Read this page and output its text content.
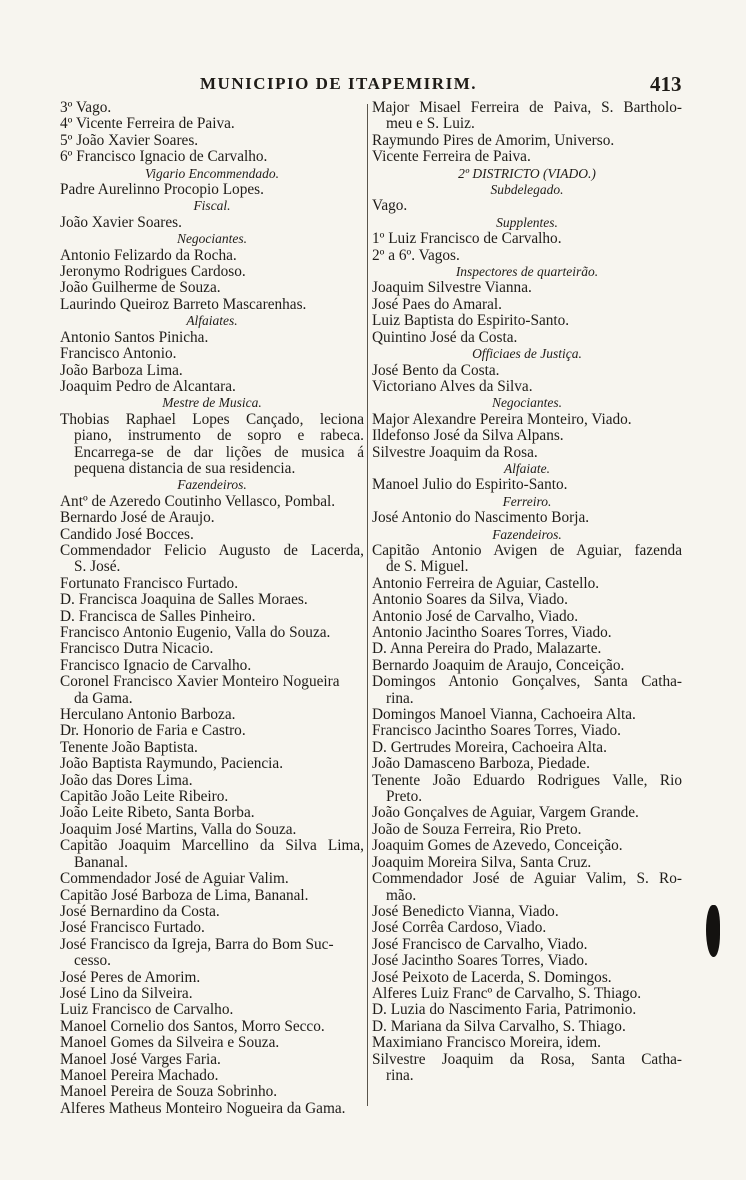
MUNICIPIO DE ITAPEMIRIM.	413
3º Vago.
4º Vicente Ferreira de Paiva.
5º João Xavier Soares.
6º Francisco Ignacio de Carvalho.
Vigario Encommendado.
Padre Aurelinno Procopio Lopes.
Fiscal.
João Xavier Soares.
Negociantes.
Antonio Felizardo da Rocha.
Jeronymo Rodrigues Cardoso.
João Guilherme de Souza.
Laurindo Queiroz Barreto Mascarenhas.
Alfaiates.
Antonio Santos Pinicha.
Francisco Antonio.
João Barboza Lima.
Joaquim Pedro de Alcantara.
Mestre de Musica.
Thobias Raphael Lopes Cançado, leciona
piano, instrumento de sopro e rabeca.
Encarrega-se de dar lições de musica á
pequena distancia de sua residencia.
Fazendeiros.
Antº de Azeredo Coutinho Vellasco, Pombal.
Bernardo José de Araujo.
Candido José Bocces.
Commendador Felicio Augusto de Lacerda,
S. José.
Fortunato Francisco Furtado.
D. Francisca Joaquina de Salles Moraes.
D. Francisca de Salles Pinheiro.
Francisco Antonio Eugenio, Valla do Souza.
Francisco Dutra Nicacio.
Francisco Ignacio de Carvalho.
Coronel Francisco Xavier Monteiro Nogueira
da Gama.
Herculano Antonio Barboza.
Dr. Honorio de Faria e Castro.
Tenente João Baptista.
João Baptista Raymundo, Paciencia.
João das Dores Lima.
Capitão João Leite Ribeiro.
João Leite Ribeto, Santa Borba.
Joaquim José Martins, Valla do Souza.
Capitão Joaquim Marcellino da Silva Lima,
Bananal.
Commendador José de Aguiar Valim.
Capitão José Barboza de Lima, Bananal.
José Bernardino da Costa.
José Francisco Furtado.
José Francisco da Igreja, Barra do Bom Suc-
cesso.
José Peres de Amorim.
José Lino da Silveira.
Luiz Francisco de Carvalho.
Manoel Cornelio dos Santos, Morro Secco.
Manoel Gomes da Silveira e Souza.
Manoel José Varges Faria.
Manoel Pereira Machado.
Manoel Pereira de Souza Sobrinho.
Alferes Matheus Monteiro Nogueira da Gama.
Major Misael Ferreira de Paiva, S. Bartholo-
meu e S. Luiz.
Raymundo Pires de Amorim, Universo.
Vicente Ferreira de Paiva.
2º DISTRICTO (VIADO.)
Subdelegado.
Vago.
Supplentes.
1º Luiz Francisco de Carvalho.
2º a 6º. Vagos.
Inspectores de quarteirão.
Joaquim Silvestre Vianna.
José Paes do Amaral.
Luiz Baptista do Espirito-Santo.
Quintino José da Costa.
Officiaes de Justiça.
José Bento da Costa.
Victoriano Alves da Silva.
Negociantes.
Major Alexandre Pereira Monteiro, Viado.
Ildefonso José da Silva Alpans.
Silvestre Joaquim da Rosa.
Alfaiate.
Manoel Julio do Espirito-Santo.
Ferreiro.
José Antonio do Nascimento Borja.
Fazendeiros.
Capitão Antonio Avigen de Aguiar, fazenda
de S. Miguel.
Antonio Ferreira de Aguiar, Castello.
Antonio Soares da Silva, Viado.
Antonio José de Carvalho, Viado.
Antonio Jacintho Soares Torres, Viado.
D. Anna Pereira do Prado, Malazarte.
Bernardo Joaquim de Araujo, Conceição.
Domingos Antonio Gonçalves, Santa Catha-
rina.
Domingos Manoel Vianna, Cachoeira Alta.
Francisco Jacintho Soares Torres, Viado.
D. Gertrudes Moreira, Cachoeira Alta.
João Damasceno Barboza, Piedade.
Tenente João Eduardo Rodrigues Valle, Rio
Preto.
João Gonçalves de Aguiar, Vargem Grande.
João de Souza Ferreira, Rio Preto.
Joaquim Gomes de Azevedo, Conceição.
Joaquim Moreira Silva, Santa Cruz.
Commendador José de Aguiar Valim, S. Ro-
mão.
José Benedicto Vianna, Viado.
José Corrêa Cardoso, Viado.
José Francisco de Carvalho, Viado.
José Jacintho Soares Torres, Viado.
José Peixoto de Lacerda, S. Domingos.
Alferes Luiz Francº de Carvalho, S. Thiago.
D. Luzia do Nascimento Faria, Patrimonio.
D. Mariana da Silva Carvalho, S. Thiago.
Maximiano Francisco Moreira, idem.
Silvestre Joaquim da Rosa, Santa Catha-
rina.
